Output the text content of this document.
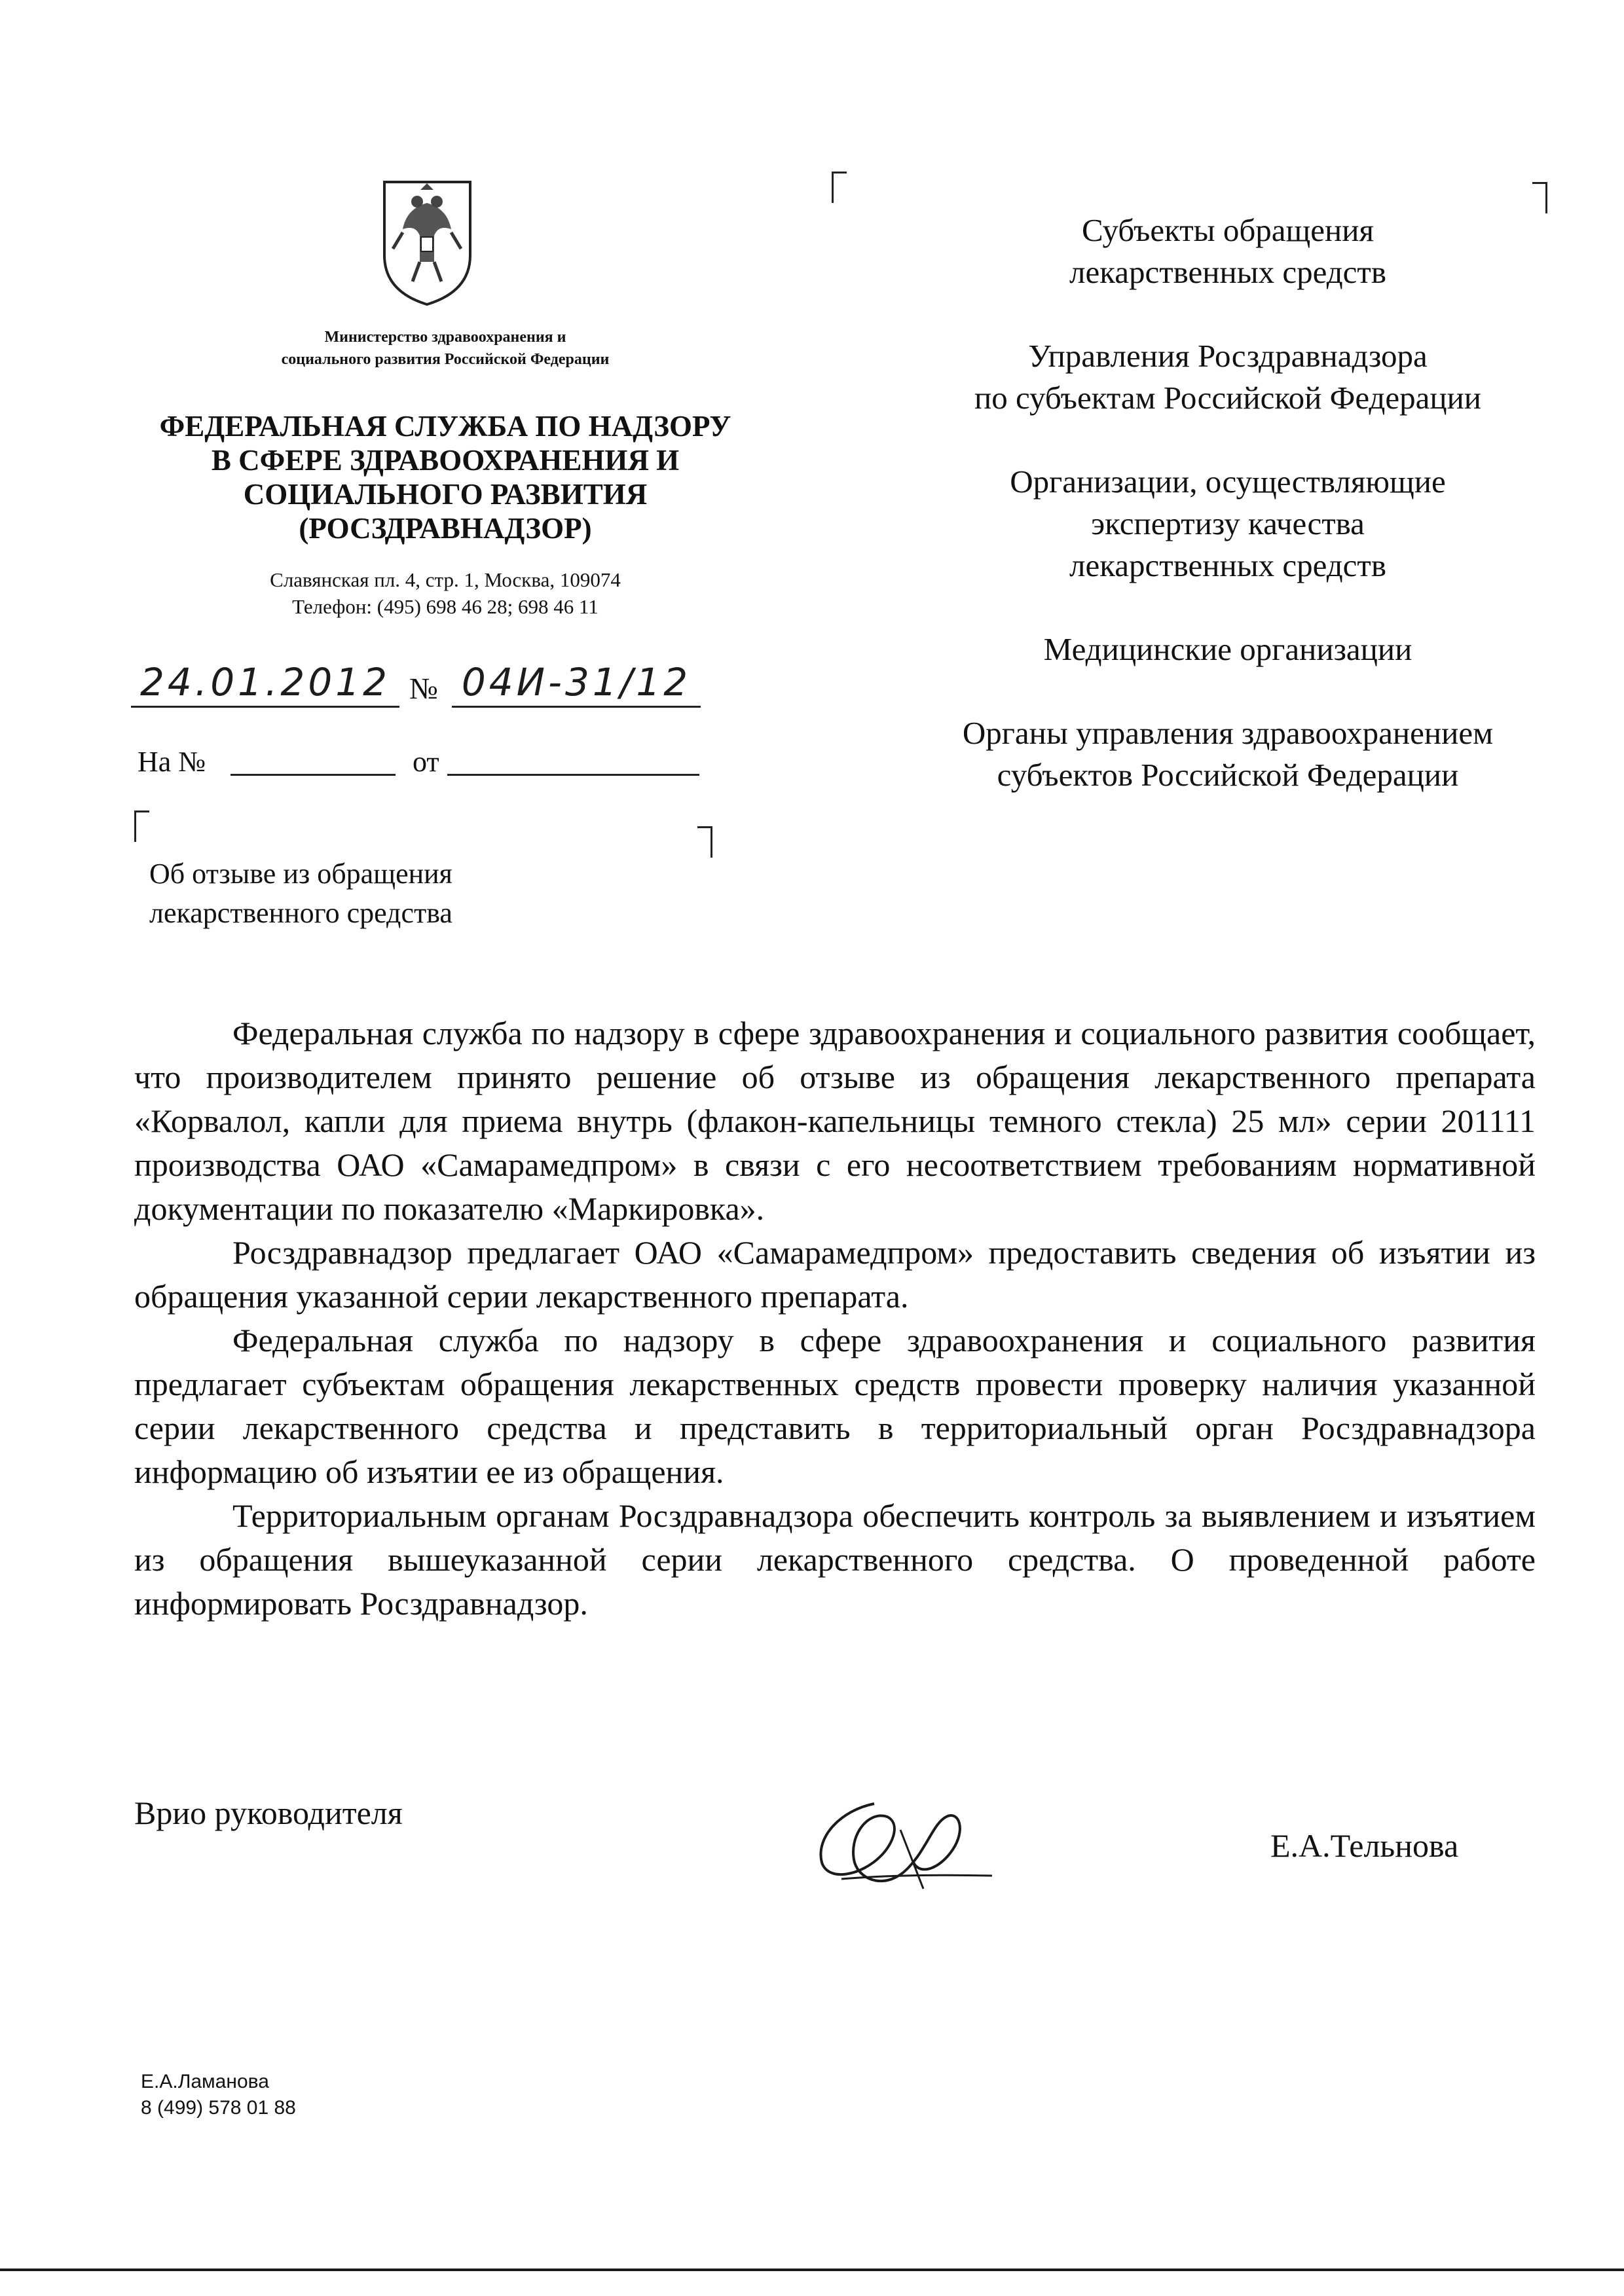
Министерство здравоохранения и
социального развития Российской Федерации
ФЕДЕРАЛЬНАЯ СЛУЖБА ПО НАДЗОРУ
В СФЕРЕ ЗДРАВООХРАНЕНИЯ И
СОЦИАЛЬНОГО РАЗВИТИЯ
(РОСЗДРАВНАДЗОР)
Славянская пл. 4, стр. 1, Москва, 109074
Телефон: (495) 698 46 28; 698 46 11
24.01.2012 № 04И-31/12
На №	от
Об отзыве из обращения
лекарственного средства
Субъекты обращения
лекарственных средств
Управления Росздравнадзора
по субъектам Российской Федерации
Организации, осуществляющие
экспертизу качества
лекарственных средств
Медицинские организации
Органы управления здравоохранением
субъектов Российской Федерации

Федеральная служба по надзору в сфере здравоохранения и социального развития сообщает, что производителем принято решение об отзыве из обращения лекарственного препарата «Корвалол, капли для приема внутрь (флакон-капельницы темного стекла) 25 мл» серии 201111 производства ОАО «Самарамедпром» в связи с его несоответствием требованиям нормативной документации по показателю «Маркировка».

Росздравнадзор предлагает ОАО «Самарамедпром» предоставить сведения об изъятии из обращения указанной серии лекарственного препарата.

Федеральная служба по надзору в сфере здравоохранения и социального развития предлагает субъектам обращения лекарственных средств провести проверку наличия указанной серии лекарственного средства и представить в территориальный орган Росздравнадзора информацию об изъятии ее из обращения.

Территориальным органам Росздравнадзора обеспечить контроль за выявлением и изъятием из обращения вышеуказанной серии лекарственного средства. О проведенной работе информировать Росздравнадзор.

Врио руководителя
Е.А.Тельнова
Е.А.Ламанова
8 (499) 578 01 88
